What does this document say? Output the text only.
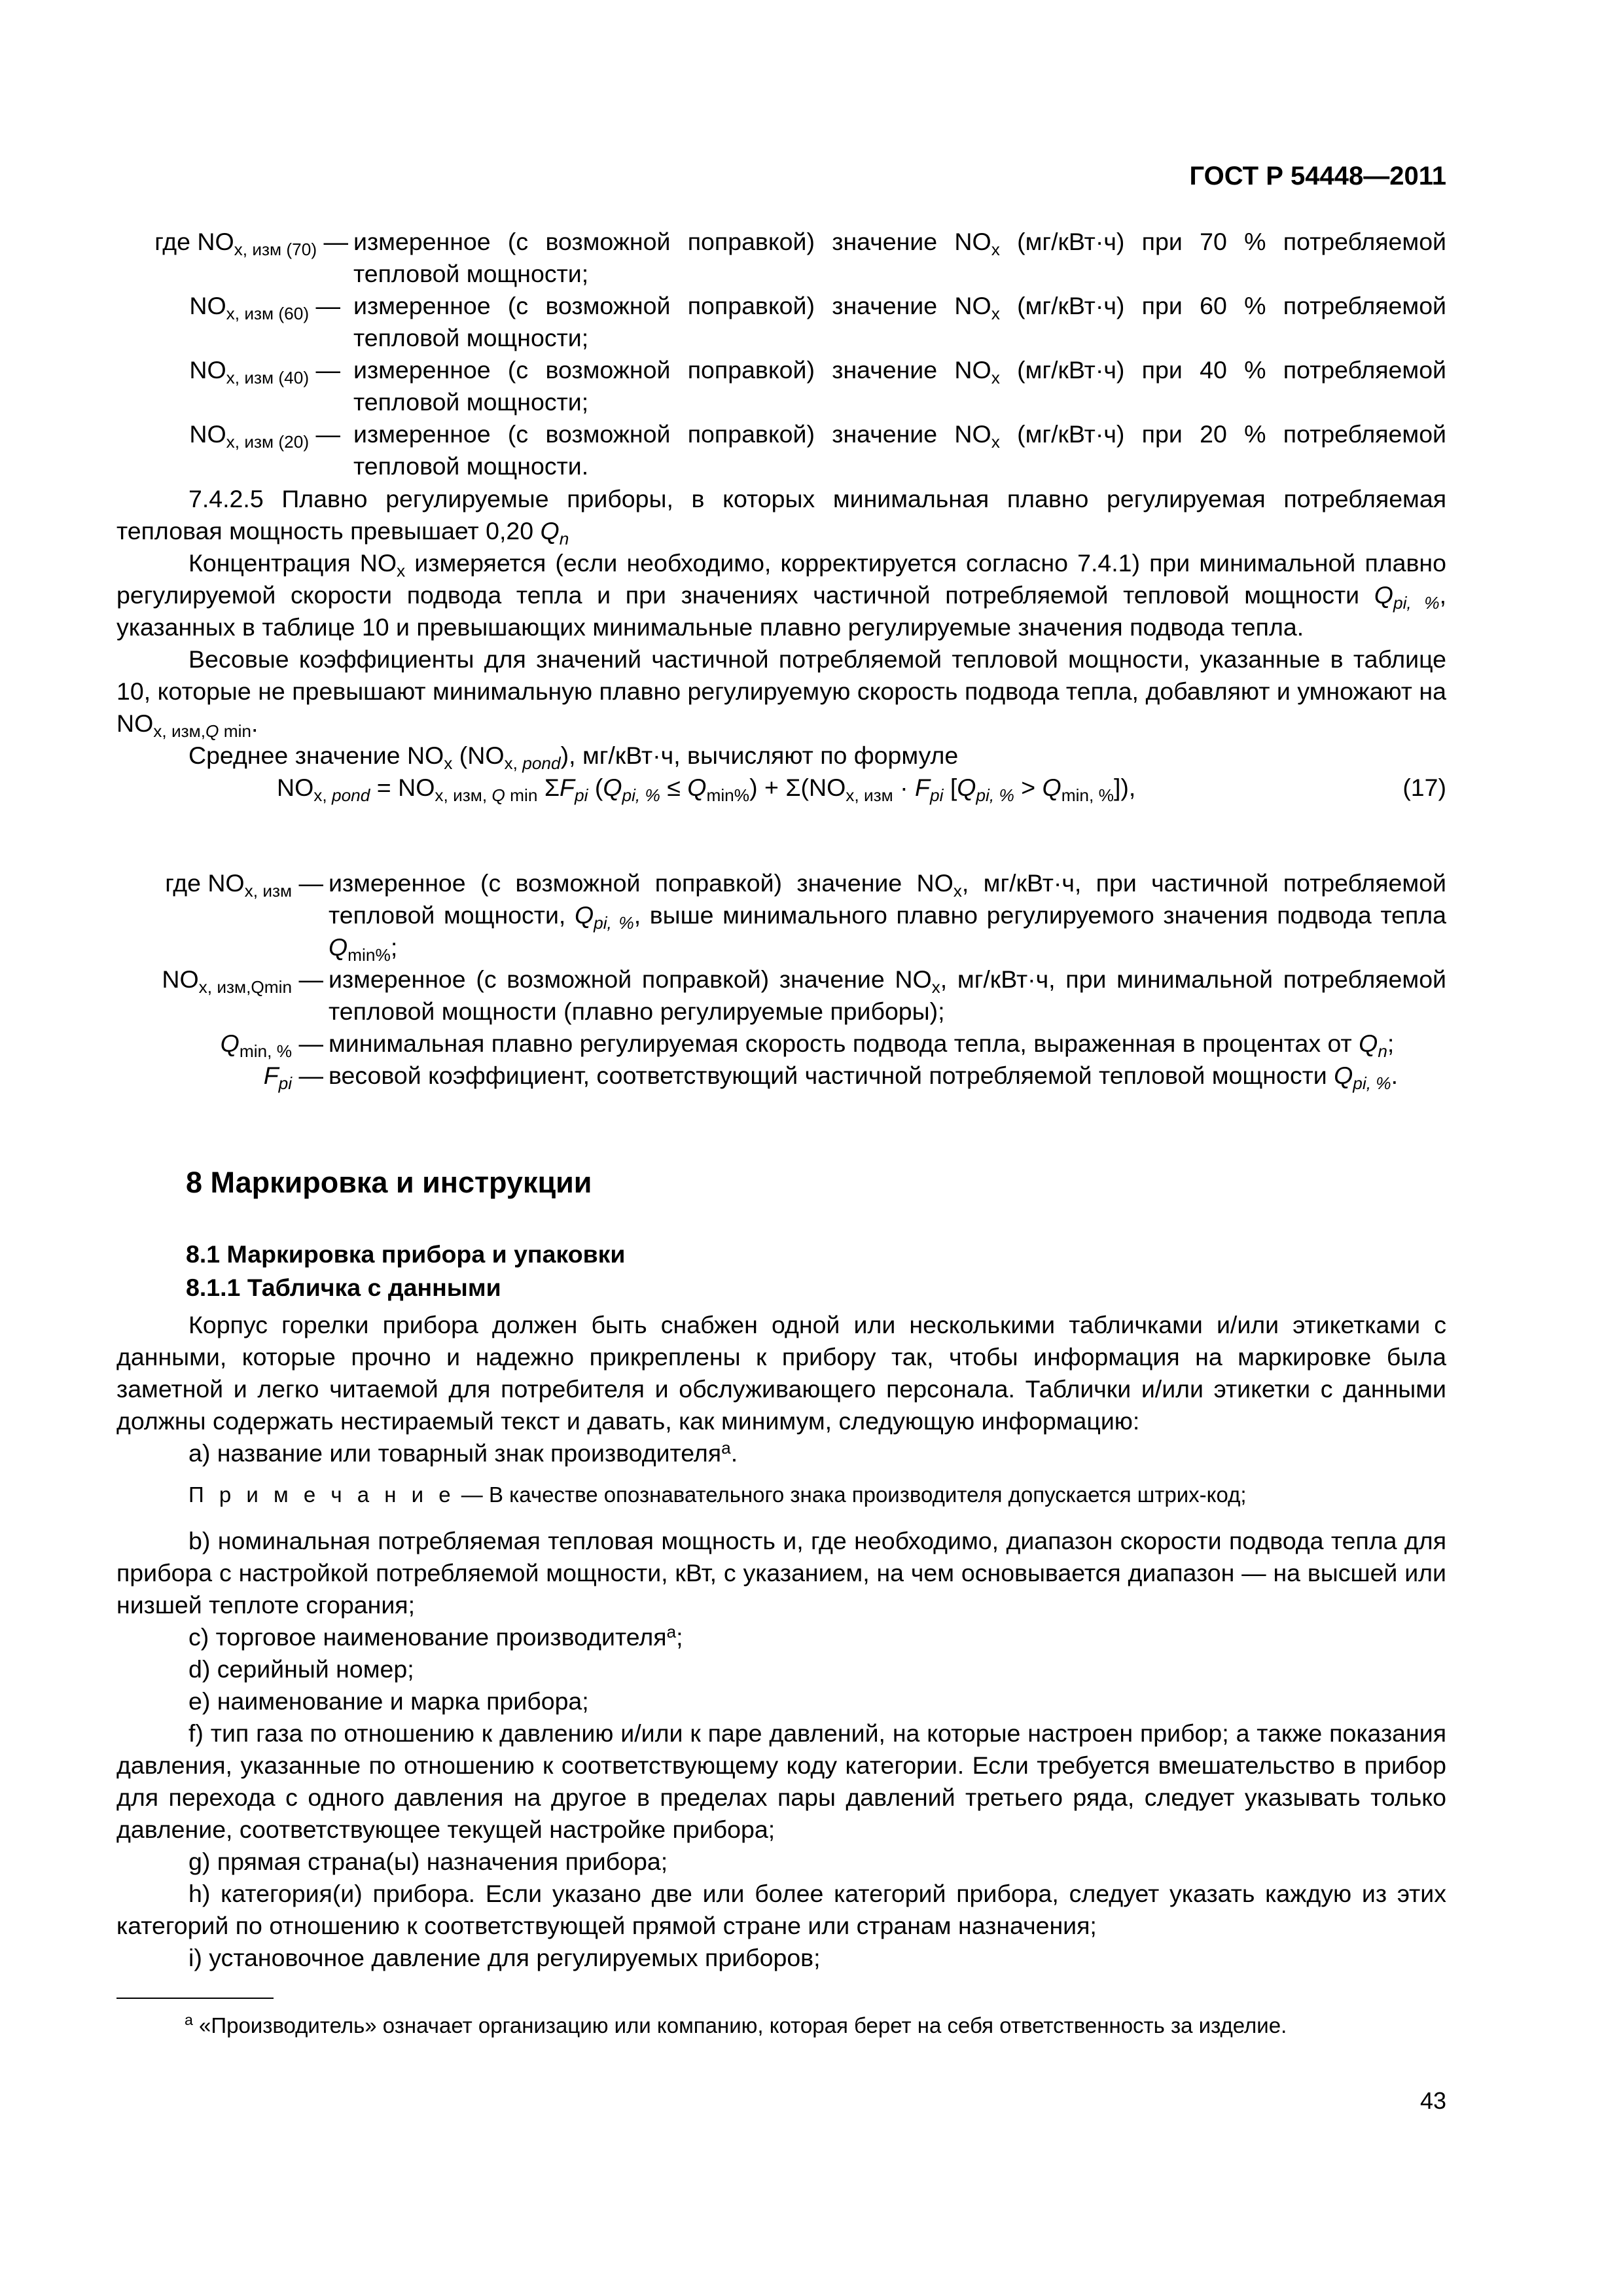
ГОСТ Р 54448—2011
где $NO_{x, изм (70)}$ — измеренное (с возможной поправкой) значение $NO_x$ (мг/кВт·ч) при 70 % потребляемой тепловой мощности;
$NO_{x, изм (60)}$ — измеренное (с возможной поправкой) значение $NO_x$ (мг/кВт·ч) при 60 % потребляемой тепловой мощности;
$NO_{x, изм (40)}$ — измеренное (с возможной поправкой) значение $NO_x$ (мг/кВт·ч) при 40 % потребляемой тепловой мощности;
$NO_{x, изм (20)}$ — измеренное (с возможной поправкой) значение $NO_x$ (мг/кВт·ч) при 20 % потребляемой тепловой мощности.

7.4.2.5 Плавно регулируемые приборы, в которых минимальная плавно регулируемая потребляемая тепловая мощность превышает 0,20 $Q_n$

Концентрация $NO_x$ измеряется (если необходимо, корректируется согласно 7.4.1) при минимальной плавно регулируемой скорости подвода тепла и при значениях частичной потребляемой тепловой мощности $Q_{pi, \%}$, указанных в таблице 10 и превышающих минимальные плавно регулируемые значения подвода тепла.

Весовые коэффициенты для значений частичной потребляемой тепловой мощности, указанные в таблице 10, которые не превышают минимальную плавно регулируемую скорость подвода тепла, добавляют и умножают на $NO_{x, изм,Q min}$.

Среднее значение $NO_x$ $(NO_{x, pond})$, мг/кВт·ч, вычисляют по формуле

$NO_{x, pond} = NO_{x, изм, Q min}$ $\Sigma F_{pi}$ $(Q_{pi, \%} \le Q_{min\%}) + \Sigma(NO_{x, изм} \cdot F_{pi}$ $[Q_{pi, \%} > Q_{min, \%}]$),	(17)
где $NO_{x, изм}$ — измеренное (с возможной поправкой) значение $NO_x$, мг/кВт·ч, при частичной потребляемой тепловой мощности, $Q_{pi, \%}$, выше минимального плавно регулируемого значения подвода тепла $Q_{min\%}$;
$NO_{x, изм,Qmin}$ — измеренное (с возможной поправкой) значение $NO_x$, мг/кВт·ч, при минимальной потребляемой тепловой мощности (плавно регулируемые приборы);
$Q_{min, \%}$ — минимальная плавно регулируемая скорость подвода тепла, выраженная в процентах от $Q_n$;
$F_{pi}$ — весовой коэффициент, соответствующий частичной потребляемой тепловой мощности $Q_{pi, \%}$.
8 Маркировка и инструкции
8.1 Маркировка прибора и упаковки
8.1.1 Табличка с данными

Корпус горелки прибора должен быть снабжен одной или несколькими табличками и/или этикетками с данными, которые прочно и надежно прикреплены к прибору так, чтобы информация на маркировке была заметной и легко читаемой для потребителя и обслуживающего персонала. Таблички и/или этикетки с данными должны содержать нестираемый текст и давать, как минимум, следующую информацию:

a) название или товарный знак производителя$^a$.

П р и м е ч а н и е — В качестве опознавательного знака производителя допускается штрих-код;

b) номинальная потребляемая тепловая мощность и, где необходимо, диапазон скорости подвода тепла для прибора с настройкой потребляемой мощности, кВт, с указанием, на чем основывается диапазон — на высшей или низшей теплоте сгорания;

c) торговое наименование производителя$^a$;

d) серийный номер;

e) наименование и марка прибора;

f) тип газа по отношению к давлению и/или к паре давлений, на которые настроен прибор; а также показания давления, указанные по отношению к соответствующему коду категории. Если требуется вмешательство в прибор для перехода с одного давления на другое в пределах пары давлений третьего ряда, следует указывать только давление, соответствующее текущей настройке прибора;

g) прямая страна(ы) назначения прибора;

h) категория(и) прибора. Если указано две или более категорий прибора, следует указать каждую из этих категорий по отношению к соответствующей прямой стране или странам назначения;

i) установочное давление для регулируемых приборов;

$^a$ «Производитель» означает организацию или компанию, которая берет на себя ответственность за изделие.
43
